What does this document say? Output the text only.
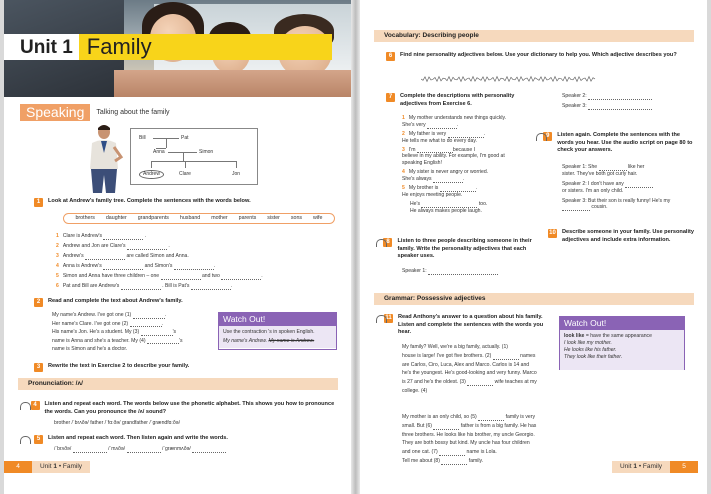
Unit 1 Family
Speaking	Talking about the family
Bill	Pat
Anna	Simon
Andrew	Clare	Jon
1	Look at Andrew's family tree. Complete the sentences with the words below.
brothers daughter grandparents husband mother parents sister sons wife
1 Clare is Andrew's	.
2 Andrew and Jon are Clare's	.
3 Andrew's	are called Simon and Anna.
4 Anna is Andrew's	and Simon's	.
5 Simon and Anna have three children – one	and two	.
6 Pat and Bill are Andrew's	. Bill is Pat's	.
2	Read and complete the text about Andrew's family.
My name's Andrew. I've got one (1)	.
Her name's Clare. I've got one (2)	.
His name's Jon. He's a student. My (3)	's
name is Anna and she's a teacher. My (4)	's
name is Simon and he's a doctor.
Watch Out!
Use the contraction 's in spoken English.
My name's Andrew. My name is Andrew.
3	Rewrite the text in Exercise 2 to describe your family.
Pronunciation: /ʌ/
4	Listen and repeat each word. The words below use the phonetic alphabet. This shows you how to pronounce the words. Can you pronounce the /ʌ/ sound?
brother /ˈbrʌðə/ father /ˈfɑːðə/ grandfather /ˈɡrændfɑːðə/
5	Listen and repeat each word. Then listen again and write the words.
/ˈbrʌðə/	/ˈmʌðə/	/ˈɡrænmʌðə/
4	Unit 1 • Family
Vocabulary: Describing people
6	Find nine personality adjectives below. Use your dictionary to help you. Which adjective describes you?
7	Complete the descriptions with personality adjectives from Exercise 6.
1 My mother understands new things quickly.
She's very	.
2 My father is very	.
He tells me what to do every day.
3 I'm	because I
believe in my ability. For example, I'm good at speaking English!
4 My sister is never angry or worried.
She's always	.
5 My brother is	.
He enjoys meeting people.
He's	too.
He always makes people laugh.
Speaker 2:
Speaker 3:
9	Listen again. Complete the sentences with the words you hear. Use the audio script on page 80 to check your answers.
Speaker 1: She	like her
sister. They've both got curly hair.
Speaker 2: I don't have any
or sisters. I'm an only child.
Speaker 3: But their son is really funny! He's my  cousin.
10 Describe someone in your family. Use personality adjectives and include extra information.
8	Listen to three people describing someone in their family. Write the personality adjectives that each speaker uses.
Speaker 1:
Grammar: Possessive adjectives
11 Read Anthony's answer to a question about his family. Listen and complete the sentences with the words you hear.
My family? Well, we're a big family, actually. (1)
house is large! I've got five brothers. (2)	names
are Carlos, Ciro, Luca, Alex and Marco. Carlos is 14 and
he's the youngest. He's good-looking and very funny. Marco
is 27 and he's the oldest. (3)	wife teaches at my
college. (4)
My mother is an only child, so (5)	family is very
small. But (6)	father is from a big family. He has
three brothers. He looks like his brother, my uncle Georgio.
They are both bossy but kind. My uncle has four children
and one cat. (7)	name is Lola.
Tell me about (8)	family.
Watch Out!
look like = have the same appearance
I look like my mother.
He looks like his father.
They look like their father.
Unit 1 • Family	5
